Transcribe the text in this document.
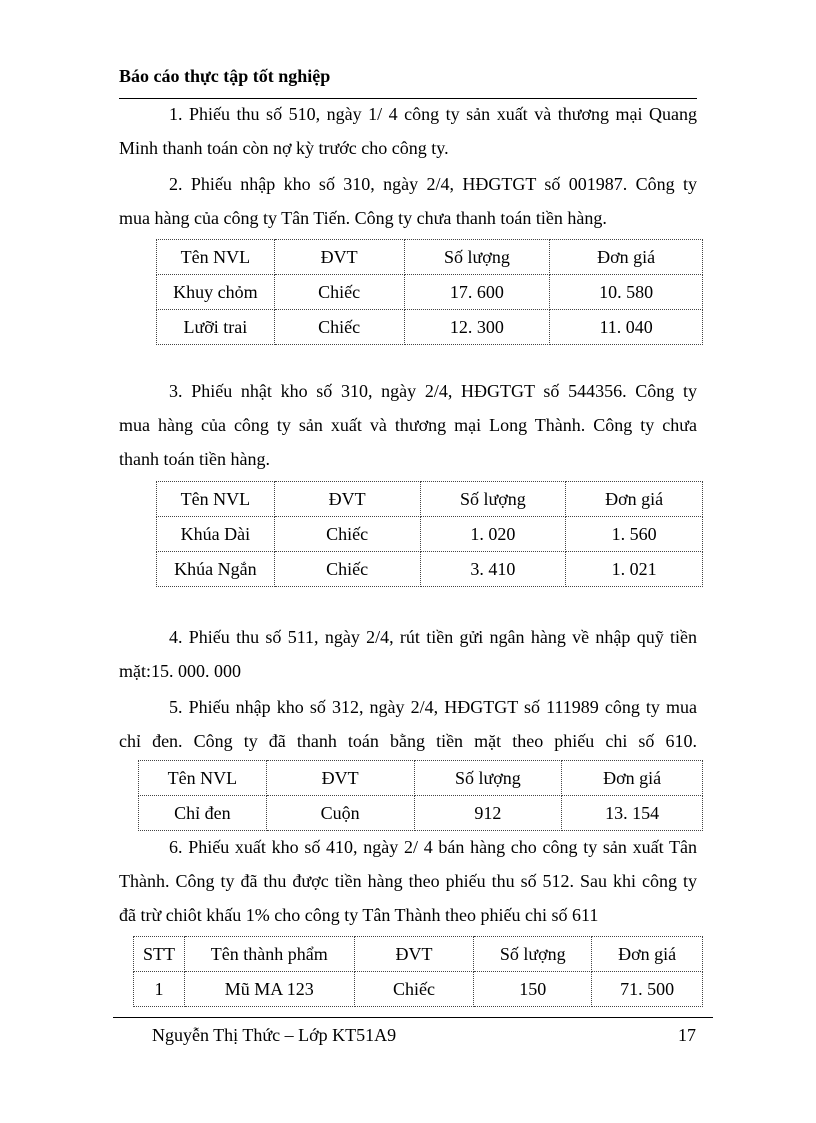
Báo cáo thực tập tốt nghiệp
1. Phiếu thu số 510, ngày 1/ 4 công ty sản xuất và thương mại Quang
Minh thanh toán còn nợ kỳ trước cho công ty.
2. Phiếu nhập kho số 310, ngày 2/4, HĐGTGT số 001987. Công ty
mua hàng của công ty Tân Tiến. Công ty chưa thanh toán tiền hàng.
Tên NVL	ĐVT	Số lượng	Đơn giá
Khuy chỏm	Chiếc	17. 600	10. 580
Lưỡi trai	Chiếc	12. 300	11. 040
3. Phiếu nhật kho số 310, ngày 2/4, HĐGTGT số 544356. Công ty
mua hàng của công ty sản xuất và thương mại Long Thành. Công ty chưa
thanh toán tiền hàng.
Tên NVL	ĐVT	Số lượng	Đơn giá
Khúa Dài	Chiếc	1. 020	1. 560
Khúa Ngắn	Chiếc	3. 410	1. 021
4. Phiếu thu số 511, ngày 2/4, rút tiền gửi ngân hàng về nhập quỹ tiền
mặt:15. 000. 000
5. Phiếu nhập kho số 312, ngày 2/4, HĐGTGT số 111989 công ty mua
chỉ đen. Công ty đã thanh toán bằng tiền mặt theo phiếu chi số 610.
Tên NVL	ĐVT	Số lượng	Đơn giá
Chỉ đen	Cuộn	912	13. 154
6. Phiếu xuất kho số 410, ngày 2/ 4 bán hàng cho công ty sản xuất Tân
Thành. Công ty đã thu được tiền hàng theo phiếu thu số 512. Sau khi công ty
đã trừ chiôt khấu 1% cho công ty Tân Thành theo phiếu chi số 611
STT	Tên thành phẩm	ĐVT	Số lượng	Đơn giá
1	Mũ MA 123	Chiếc	150	71. 500
Nguyễn Thị Thức – Lớp KT51A9	17
